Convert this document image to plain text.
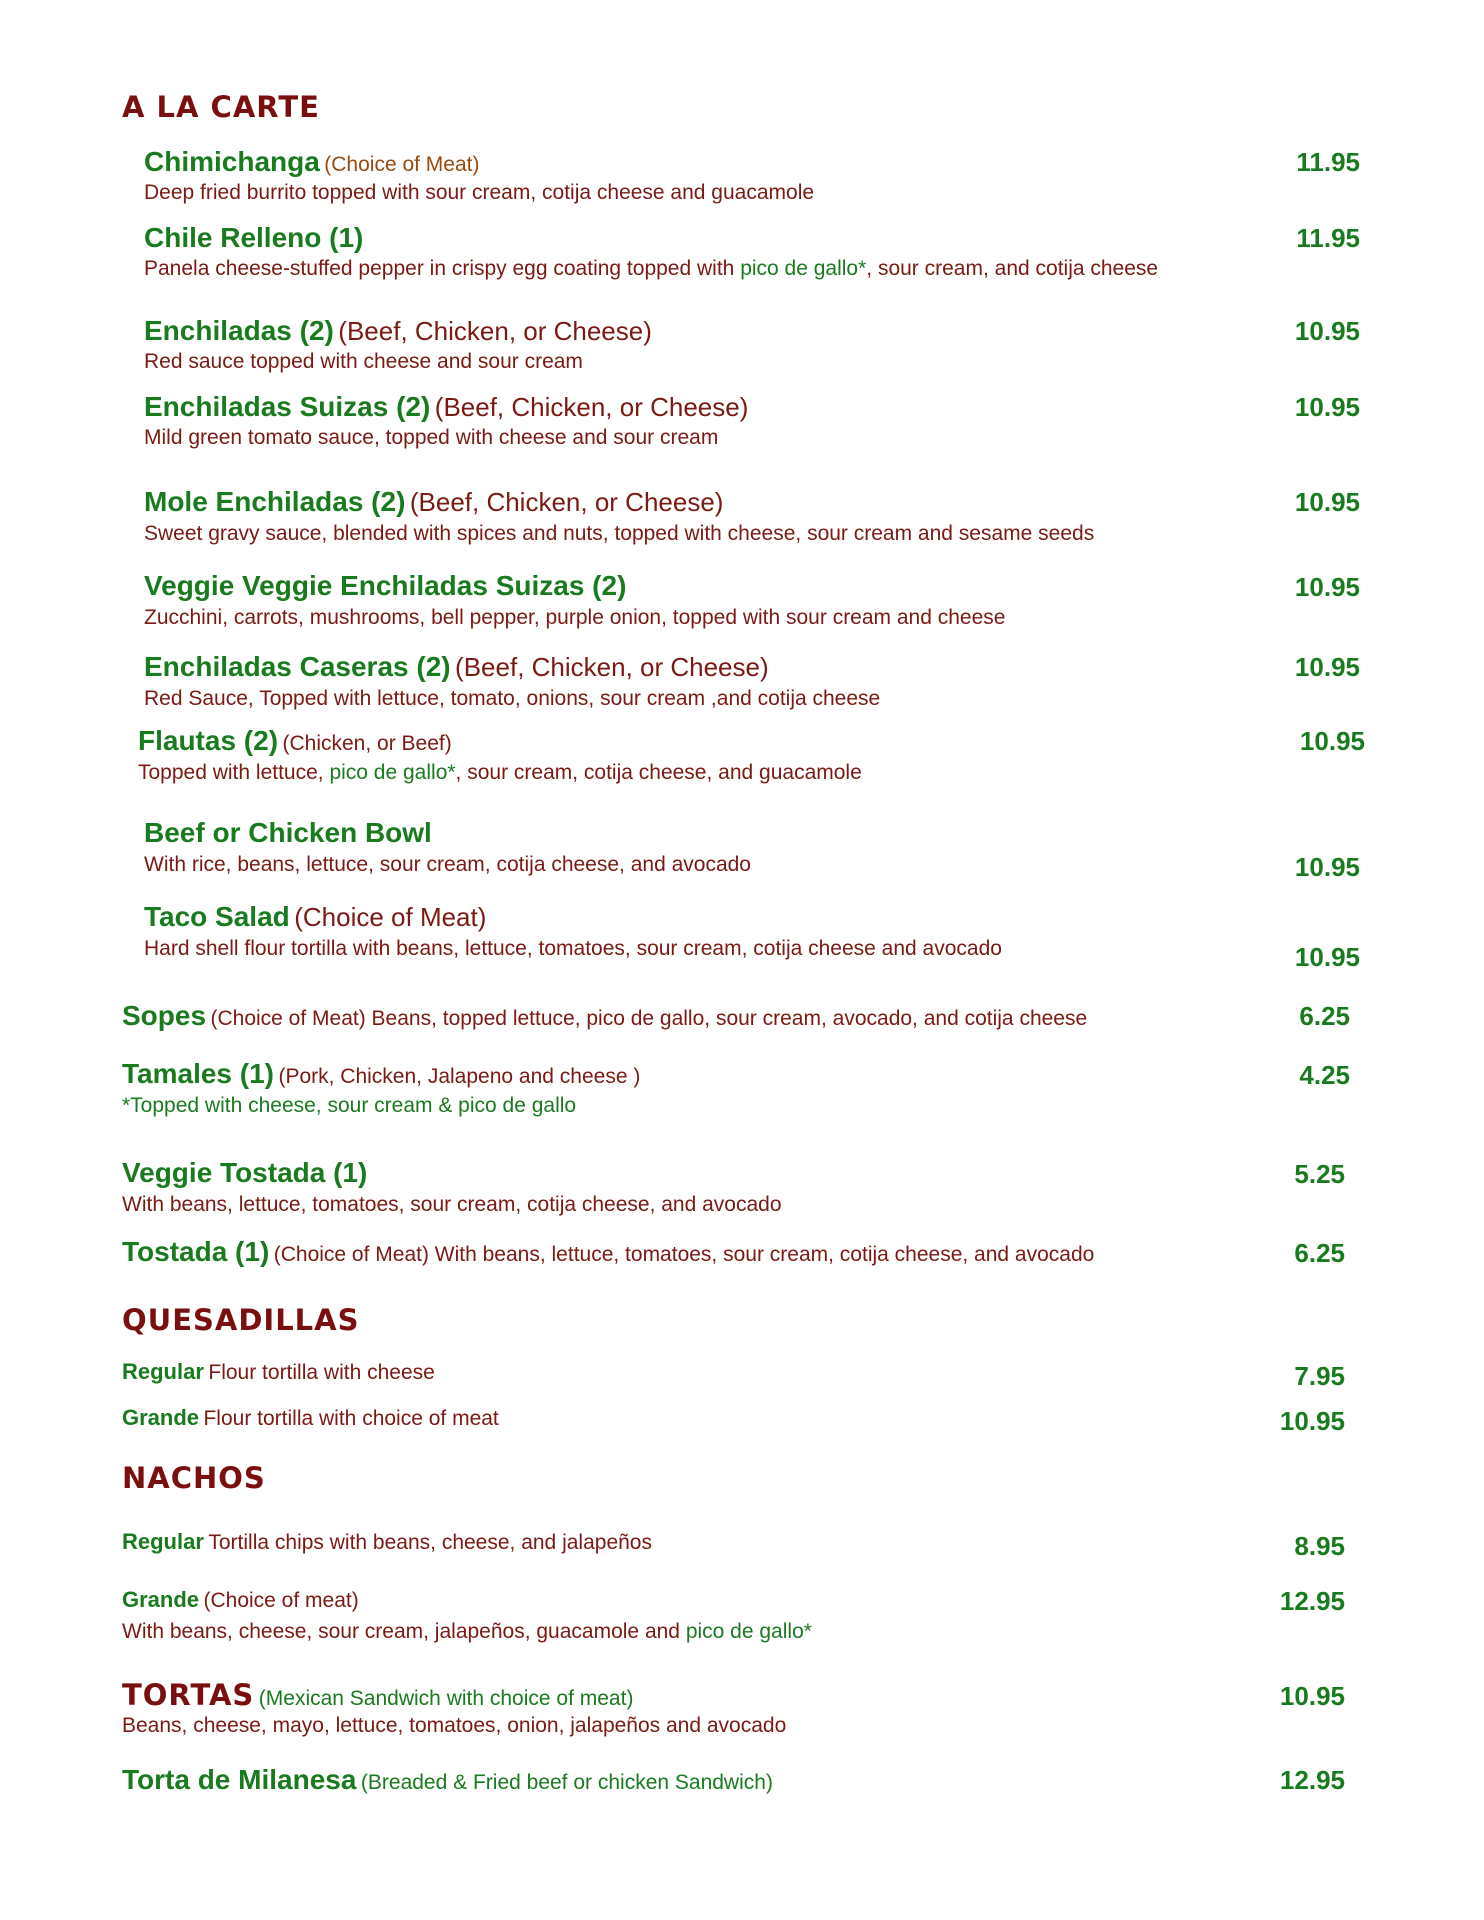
A LA CARTE
Chimichanga (Choice of Meat)
Deep fried burrito topped with sour cream, cotija cheese and guacamole
11.95
Chile Relleno (1)
Panela cheese-stuffed pepper in crispy egg coating topped with pico de gallo*, sour cream, and cotija cheese
11.95
Enchiladas (2) (Beef, Chicken, or Cheese)
Red sauce topped with cheese and sour cream
10.95
Enchiladas Suizas (2) (Beef, Chicken, or Cheese)
Mild green tomato sauce, topped with cheese and sour cream
10.95
Mole Enchiladas (2) (Beef, Chicken, or Cheese)
Sweet gravy sauce, blended with spices and nuts, topped with cheese, sour cream and sesame seeds
10.95
Veggie Veggie Enchiladas Suizas (2)
Zucchini, carrots, mushrooms, bell pepper, purple onion, topped with sour cream and cheese
10.95
Enchiladas Caseras (2) (Beef, Chicken, or Cheese)
Red Sauce, Topped with lettuce, tomato, onions, sour cream ,and cotija cheese
10.95
Flautas (2) (Chicken, or Beef)
Topped with lettuce, pico de gallo*, sour cream, cotija cheese, and guacamole
10.95
Beef or Chicken Bowl
With rice, beans, lettuce, sour cream, cotija cheese, and avocado	10.95
Taco Salad (Choice of Meat)
Hard shell flour tortilla with beans, lettuce, tomatoes, sour cream, cotija cheese and avocado	10.95
Sopes (Choice of Meat) Beans, topped lettuce, pico de gallo, sour cream, avocado, and cotija cheese	6.25
Tamales (1) (Pork, Chicken, Jalapeno and cheese )
*Topped with cheese, sour cream & pico de gallo
4.25
Veggie Tostada (1)
With beans, lettuce, tomatoes, sour cream, cotija cheese, and avocado
5.25
Tostada (1) (Choice of Meat) With beans, lettuce, tomatoes, sour cream, cotija cheese, and avocado	6.25
QUESADILLAS
Regular Flour tortilla with cheese	7.95
Grande Flour tortilla with choice of meat	10.95
NACHOS
Regular Tortilla chips with beans, cheese, and jalapeños	8.95
Grande (Choice of meat)
With beans, cheese, sour cream, jalapeños, guacamole and pico de gallo*
12.95
TORTAS (Mexican Sandwich with choice of meat)
Beans, cheese, mayo, lettuce, tomatoes, onion, jalapeños and avocado
10.95
Torta de Milanesa (Breaded & Fried beef or chicken Sandwich)	12.95
